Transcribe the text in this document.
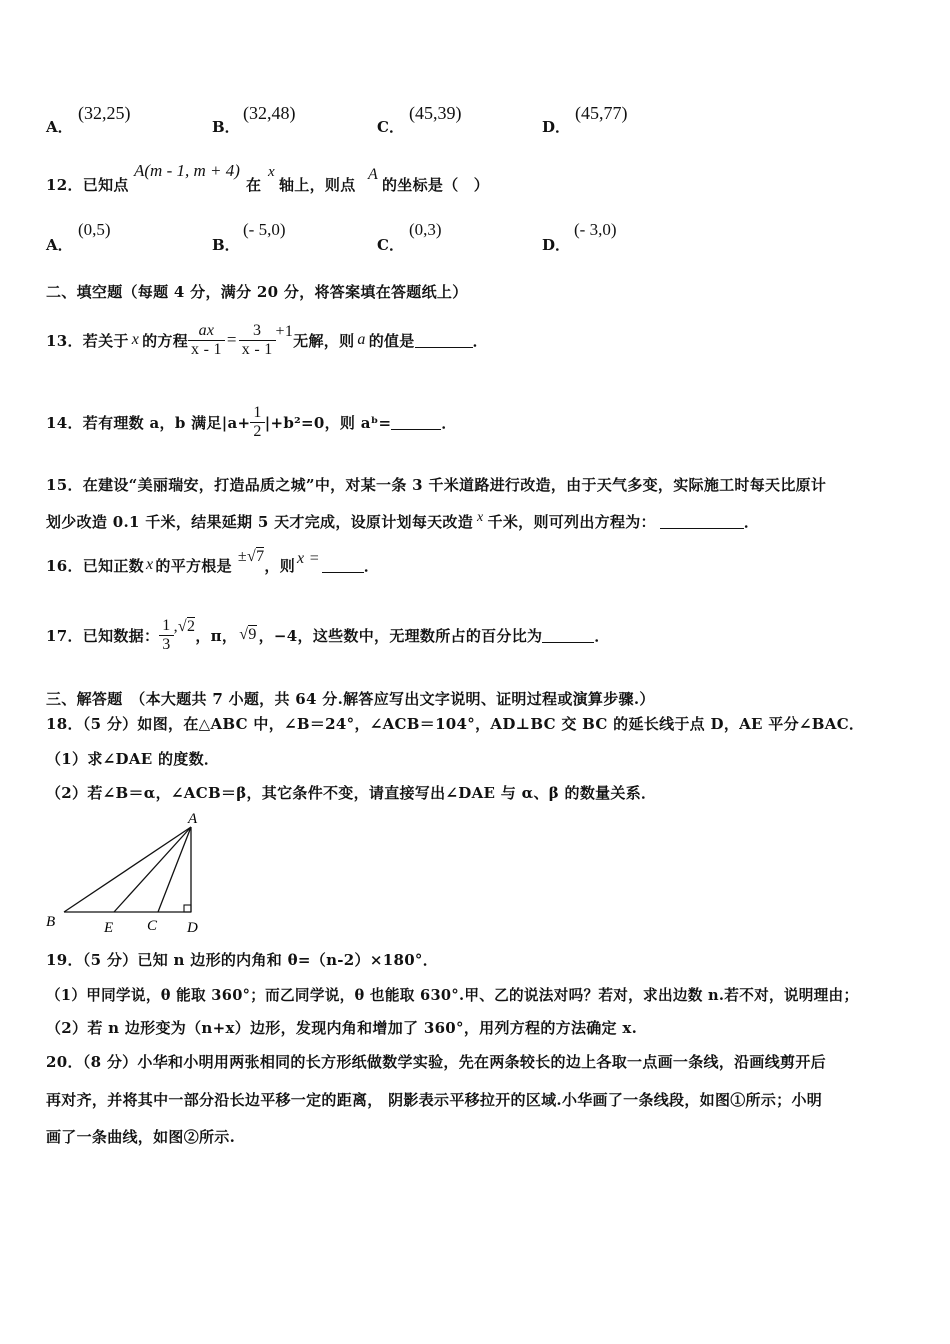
A．
(32,25)
B．
(32,48)
C．
(45,39)
D．
(45,77)
12．已知点
A(m - 1, m + 4)
在
x
轴上，则点
A
的坐标是（　）
A．
(0,5)
B．
(- 5,0)
C．
(0,3)
D．
(- 3,0)
二、填空题（每题 4 分，满分 20 分，将答案填在答题纸上）
13． 若关于 x 的方程 $\frac{ax}{x - 1} = \frac{3}{x - 1} +1$ 无解，则 a 的值是	．
14． 若有理数 a，b 满足$|a+ \frac{1}{2} |+b^2=0$，则 aᵇ=	．
15．在建设“美丽瑞安，打造品质之城”中，对某一条 3 千米道路进行改造，由于天气多变，实际施工时每天比原计
划少改造 0.1 千米，结果延期 5 天才完成，设原计划每天改造 x 千米，则可列出方程为：	．
16． 已知正数 x 的平方根是 ±√7 ，则 x =	．
17． 已知数据： $\frac{1}{3} ,√2$ ，π， √9 ，−4，这些数中，无理数所占的百分比为	．
三、解答题　（本大题共 7 小题，共 64 分.解答应写出文字说明、证明过程或演算步骤.）
18．（5 分）如图，在△ABC 中，∠B＝24°，∠ACB＝104°，AD⊥BC 交 BC 的延长线于点 D，AE 平分∠BAC．
（1）求∠DAE 的度数．
（2）若∠B＝α，∠ACB＝β，其它条件不变，请直接写出∠DAE 与 α、β 的数量关系．
A
B	E C D
19．（5 分）已知 n 边形的内角和 θ=（n-2）×180°．
（1）甲同学说，θ 能取 360°；而乙同学说，θ 也能取 630°.甲、乙的说法对吗？若对，求出边数 n.若不对，说明理由；
（2）若 n 边形变为（n+x）边形，发现内角和增加了 360°，用列方程的方法确定 x.
20．（8 分）小华和小明用两张相同的长方形纸做数学实验，先在两条较长的边上各取一点画一条线，沿画线剪开后
再对齐，并将其中一部分沿长边平移一定的距离， 阴影表示平移拉开的区域.小华画了一条线段，如图①所示；小明
画了一条曲线，如图②所示.
